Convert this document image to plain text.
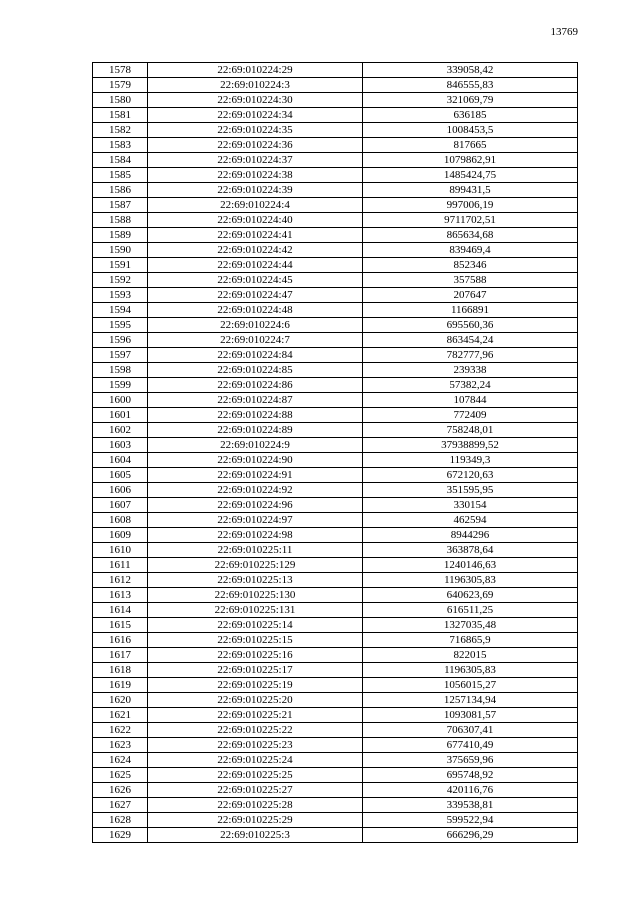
13769
1578	22:69:010224:29	339058,42
1579	22:69:010224:3	846555,83
1580	22:69:010224:30	321069,79
1581	22:69:010224:34	636185
1582	22:69:010224:35	1008453,5
1583	22:69:010224:36	817665
1584	22:69:010224:37	1079862,91
1585	22:69:010224:38	1485424,75
1586	22:69:010224:39	899431,5
1587	22:69:010224:4	997006,19
1588	22:69:010224:40	9711702,51
1589	22:69:010224:41	865634,68
1590	22:69:010224:42	839469,4
1591	22:69:010224:44	852346
1592	22:69:010224:45	357588
1593	22:69:010224:47	207647
1594	22:69:010224:48	1166891
1595	22:69:010224:6	695560,36
1596	22:69:010224:7	863454,24
1597	22:69:010224:84	782777,96
1598	22:69:010224:85	239338
1599	22:69:010224:86	57382,24
1600	22:69:010224:87	107844
1601	22:69:010224:88	772409
1602	22:69:010224:89	758248,01
1603	22:69:010224:9	37938899,52
1604	22:69:010224:90	119349,3
1605	22:69:010224:91	672120,63
1606	22:69:010224:92	351595,95
1607	22:69:010224:96	330154
1608	22:69:010224:97	462594
1609	22:69:010224:98	8944296
1610	22:69:010225:11	363878,64
1611	22:69:010225:129	1240146,63
1612	22:69:010225:13	1196305,83
1613	22:69:010225:130	640623,69
1614	22:69:010225:131	616511,25
1615	22:69:010225:14	1327035,48
1616	22:69:010225:15	716865,9
1617	22:69:010225:16	822015
1618	22:69:010225:17	1196305,83
1619	22:69:010225:19	1056015,27
1620	22:69:010225:20	1257134,94
1621	22:69:010225:21	1093081,57
1622	22:69:010225:22	706307,41
1623	22:69:010225:23	677410,49
1624	22:69:010225:24	375659,96
1625	22:69:010225:25	695748,92
1626	22:69:010225:27	420116,76
1627	22:69:010225:28	339538,81
1628	22:69:010225:29	599522,94
1629	22:69:010225:3	666296,29
